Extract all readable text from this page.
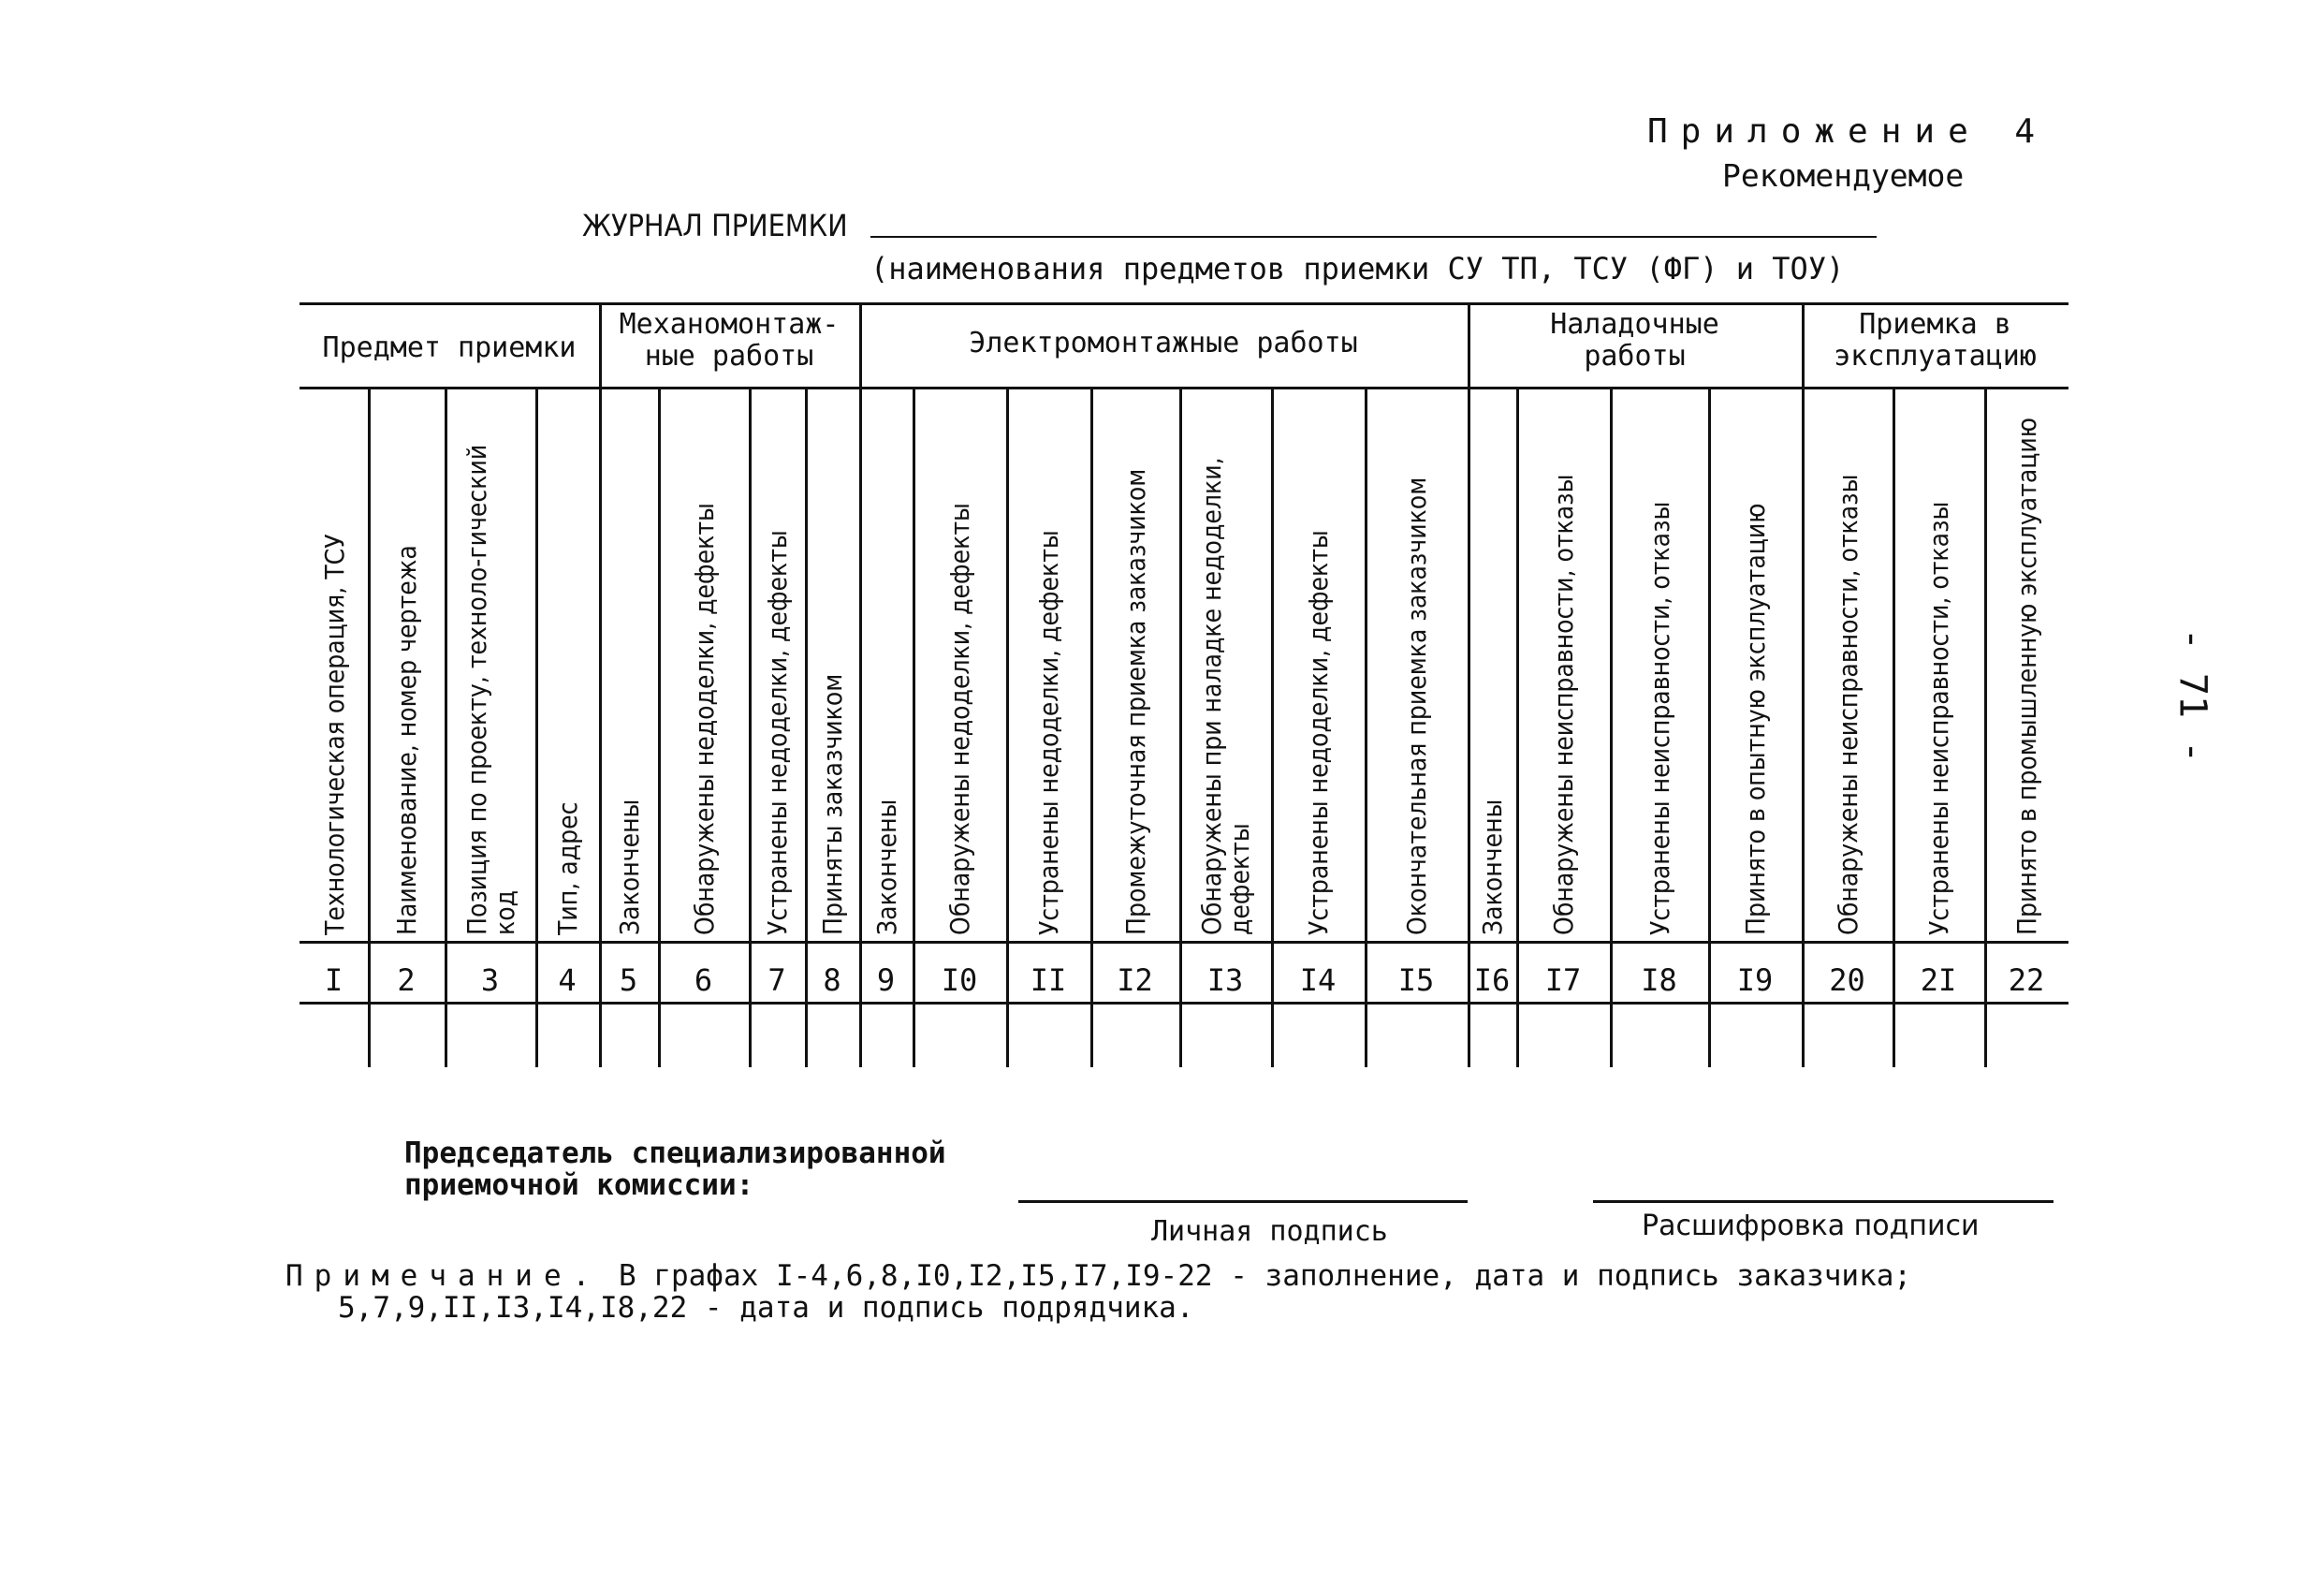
Приложение 4
Рекомендуемое
ЖУРНАЛ ПРИЕМКИ
(наименования предметов приемки СУ ТП, ТСУ (ФГ) и ТОУ)
- 71 -
Предмет приемки
Механомонтаж-
ные работы	Электромонтажные работы
Наладочные
работы
Приемка в
эксплуатацию
Технологическая операция, ТСУ
I
Наименование, номер чертежа
2
Позиция по проекту, техноло-гический код
3
Тип, адрес
4
Закончены
5
Обнаружены недоделки, дефекты
6
Устранены недоделки, дефекты
7
Приняты заказчиком
8
Закончены
9
Обнаружены недоделки, дефекты
I0
Устранены недоделки, дефекты
II
Промежуточная приемка заказчиком
I2
Обнаружены при наладке недоделки, дефекты
I3
Устранены недоделки, дефекты
I4
Окончательная приемка заказчиком
I5
Закончены
I6
Обнаружены неисправности, отказы
I7
Устранены неисправности, отказы
I8
Принято в опытную эксплуатацию
I9
Обнаружены неисправности, отказы
20
Устранены неисправности, отказы
2I
Принято в промышленную эксплуатацию
22
Председатель специализированной
приемочной комиссии:
Личная подпись	Расшифровка подписи
Примечание. В графах I-4,6,8,I0,I2,I5,I7,I9-22 - заполнение, дата и подпись заказчика;
5,7,9,II,I3,I4,I8,22 - дата и подпись подрядчика.
